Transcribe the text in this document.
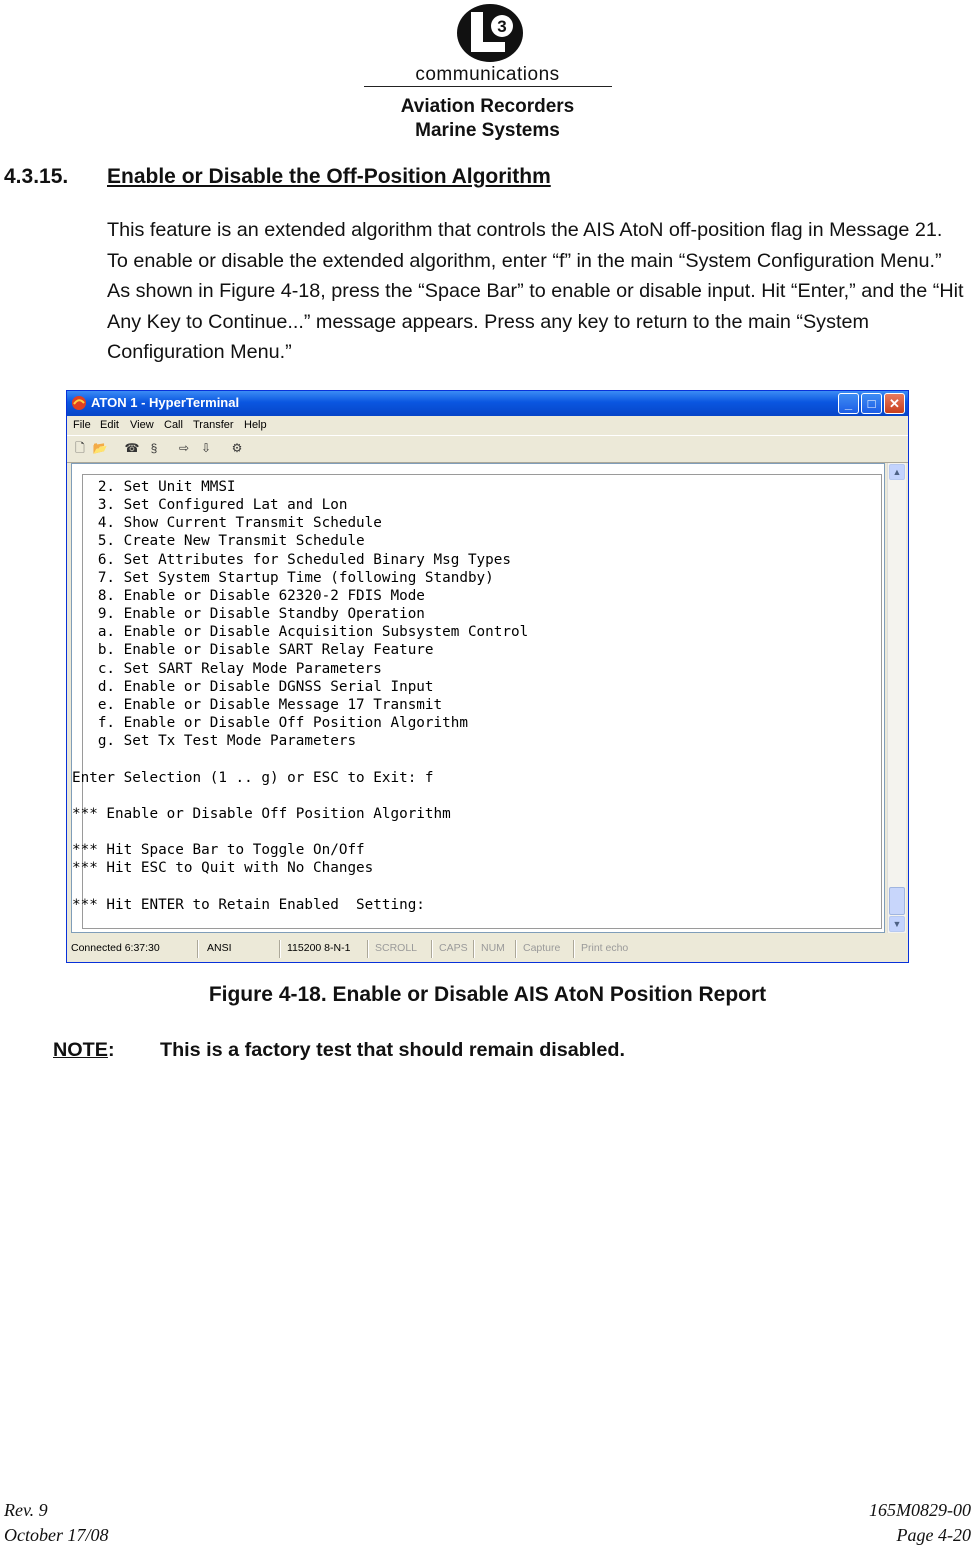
3
communications
Aviation Recorders
Marine Systems
4.3.15. Enable or Disable the Off-Position Algorithm

This feature is an extended algorithm that controls the AIS AtoN off-position flag in Message 21. To enable or disable the extended algorithm, enter “f” in the main “System Configuration Menu.” As shown in Figure 4-18, press the “Space Bar” to enable or disable input. Hit “Enter,” and the “Hit Any Key to Continue...” message appears. Press any key to return to the main “System Configuration Menu.”

ATON 1 - HyperTerminal	_	□	✕
File Edit View Call Transfer Help
🗋 📂 ☎ §	⇨ ⇩	⚙
2. Set Unit MMSI
3. Set Configured Lat and Lon
4. Show Current Transmit Schedule
5. Create New Transmit Schedule
6. Set Attributes for Scheduled Binary Msg Types
7. Set System Startup Time (following Standby)
8. Enable or Disable 62320-2 FDIS Mode
9. Enable or Disable Standby Operation
a. Enable or Disable Acquisition Subsystem Control
b. Enable or Disable SART Relay Feature
c. Set SART Relay Mode Parameters
d. Enable or Disable DGNSS Serial Input
e. Enable or Disable Message 17 Transmit
f. Enable or Disable Off Position Algorithm
g. Set Tx Test Mode Parameters

Enter Selection (1 .. g) or ESC to Exit: f

*** Enable or Disable Off Position Algorithm

*** Hit Space Bar to Toggle On/Off
*** Hit ESC to Quit with No Changes

*** Hit ENTER to Retain Enabled  Setting:
▲
▼
Connected 6:37:30	ANSI	115200 8-N-1 SCROLL CAPS NUM Capture Print echo
Figure 4-18. Enable or Disable AIS AtoN Position Report
NOTE: This is a factory test that should remain disabled.
Rev. 9
October 17/08
165M0829-00
Page 4-20
